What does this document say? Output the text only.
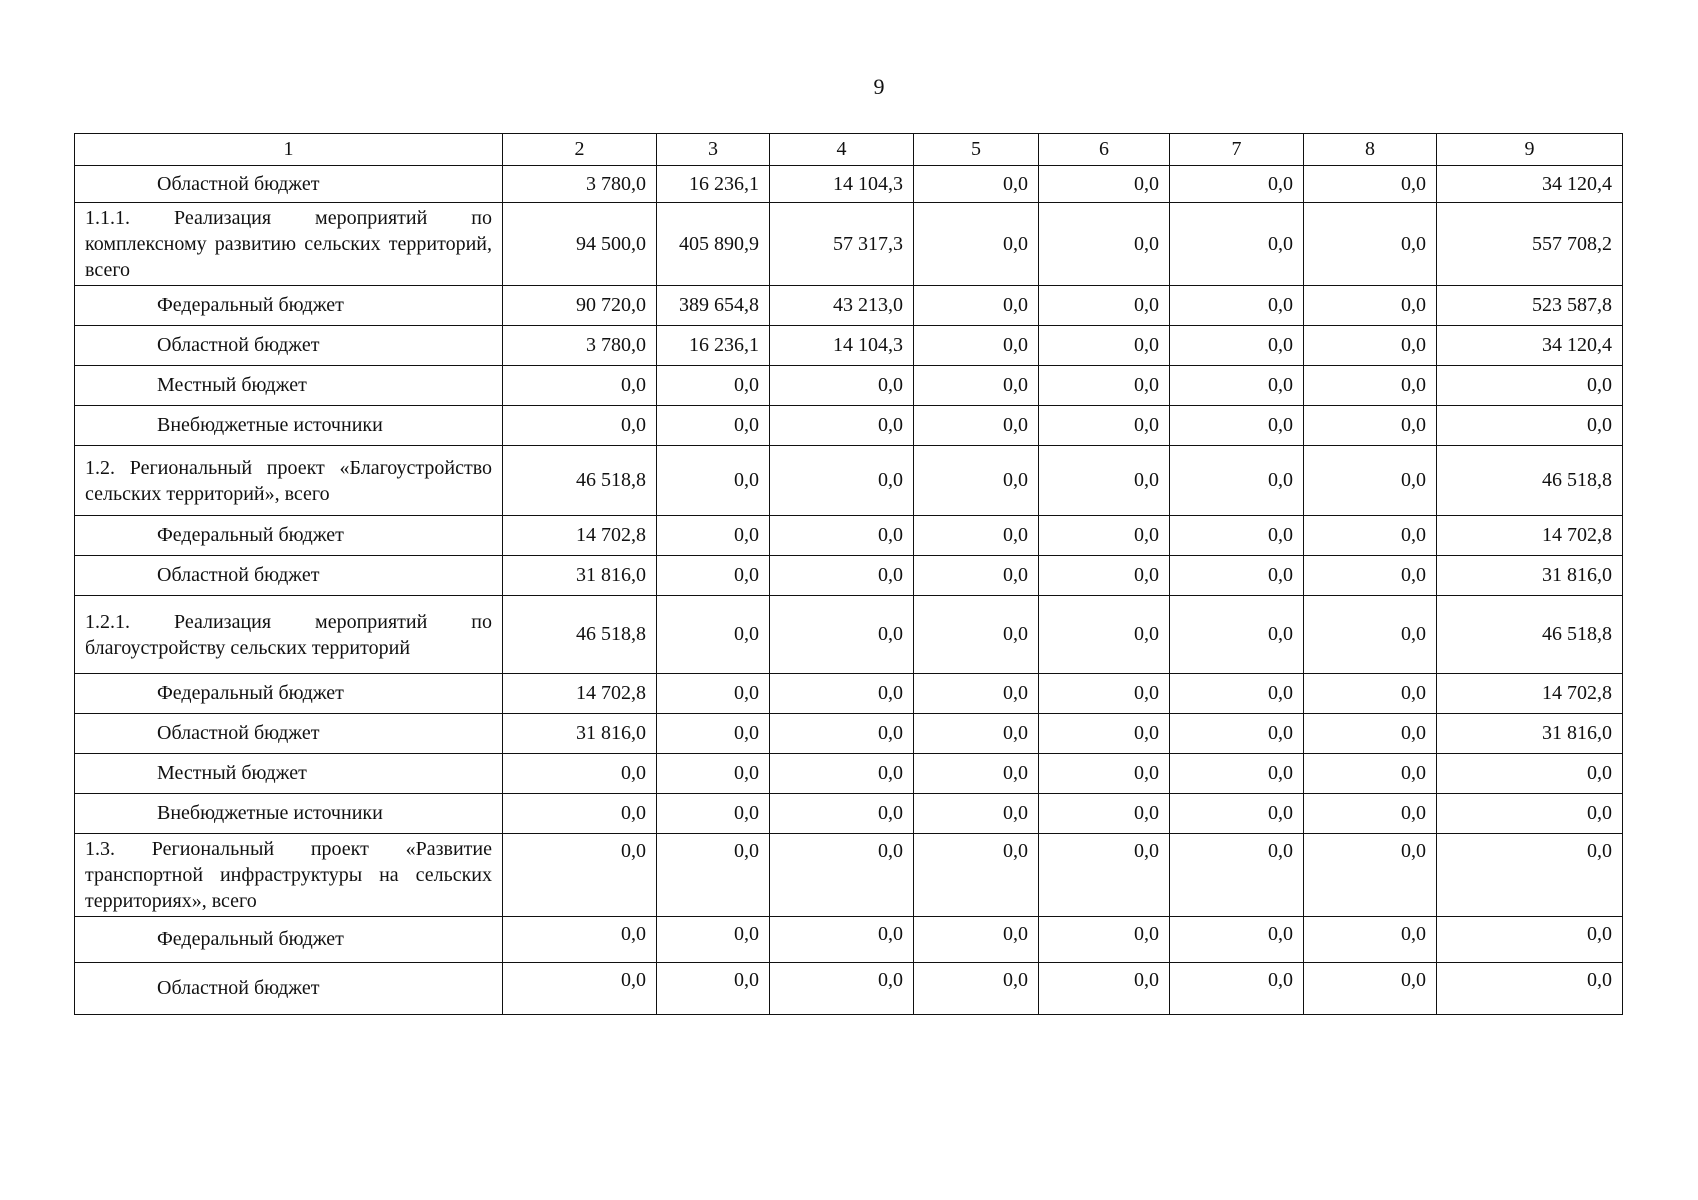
9
1	2	3	4	5	6	7	8	9
Областной бюджет	3 780,0	16 236,1	14 104,3	0,0	0,0	0,0	0,0	34 120,4
1.1.1. Реализация мероприятий по комплексному развитию сельских территорий, всего	94 500,0	405 890,9	57 317,3	0,0	0,0	0,0	0,0	557 708,2
Федеральный бюджет	90 720,0	389 654,8	43 213,0	0,0	0,0	0,0	0,0	523 587,8
Областной бюджет	3 780,0	16 236,1	14 104,3	0,0	0,0	0,0	0,0	34 120,4
Местный бюджет	0,0	0,0	0,0	0,0	0,0	0,0	0,0	0,0
Внебюджетные источники	0,0	0,0	0,0	0,0	0,0	0,0	0,0	0,0
1.2. Региональный проект «Благоустройство сельских территорий», всего	46 518,8	0,0	0,0	0,0	0,0	0,0	0,0	46 518,8
Федеральный бюджет	14 702,8	0,0	0,0	0,0	0,0	0,0	0,0	14 702,8
Областной бюджет	31 816,0	0,0	0,0	0,0	0,0	0,0	0,0	31 816,0
1.2.1. Реализация мероприятий по благоустройству сельских территорий	46 518,8	0,0	0,0	0,0	0,0	0,0	0,0	46 518,8
Федеральный бюджет	14 702,8	0,0	0,0	0,0	0,0	0,0	0,0	14 702,8
Областной бюджет	31 816,0	0,0	0,0	0,0	0,0	0,0	0,0	31 816,0
Местный бюджет	0,0	0,0	0,0	0,0	0,0	0,0	0,0	0,0
Внебюджетные источники	0,0	0,0	0,0	0,0	0,0	0,0	0,0	0,0
1.3. Региональный проект «Развитие транспортной инфраструктуры на сельских территориях», всего	0,0	0,0	0,0	0,0	0,0	0,0	0,0	0,0
Федеральный бюджет	0,0	0,0	0,0	0,0	0,0	0,0	0,0	0,0
Областной бюджет	0,0	0,0	0,0	0,0	0,0	0,0	0,0	0,0
